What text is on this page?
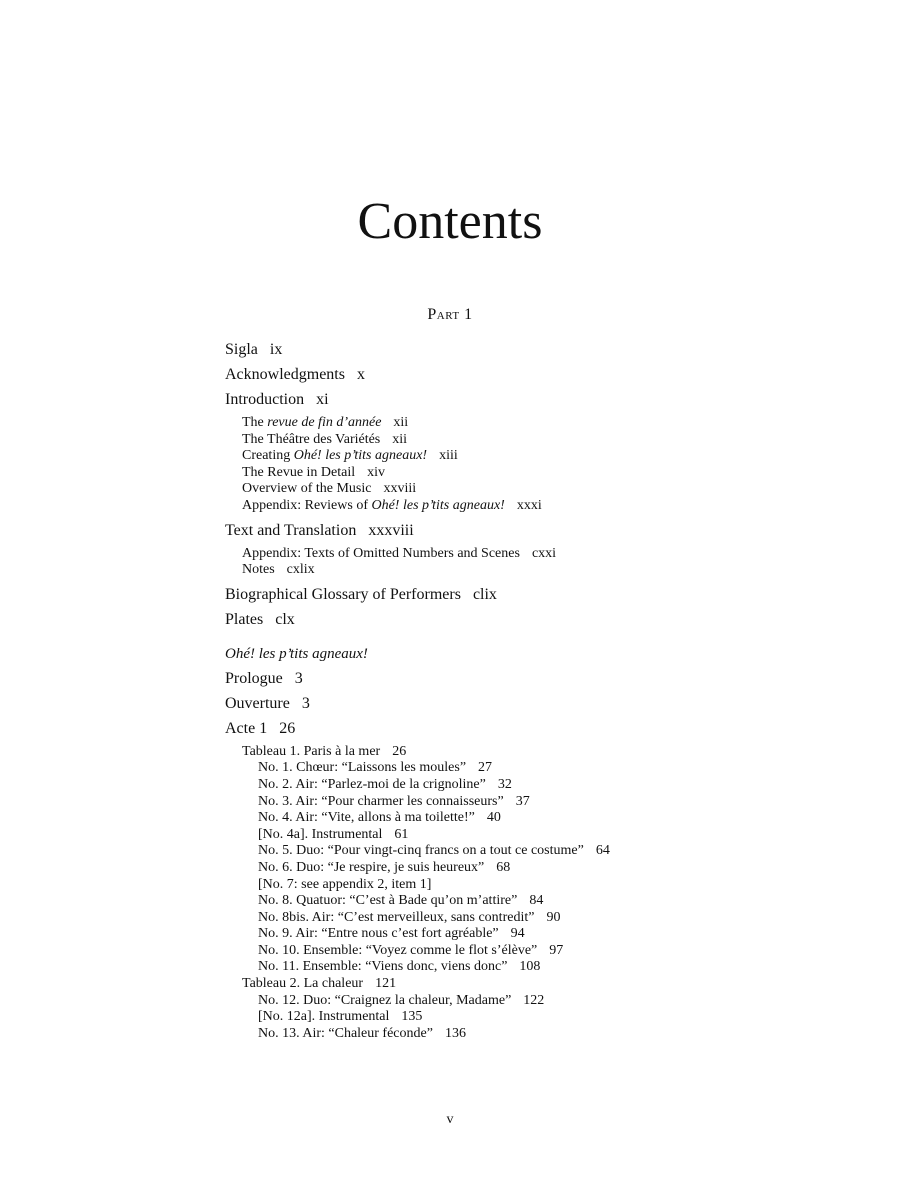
Contents
Part 1
Sigla ix
Acknowledgments x
Introduction xi
The revue de fin d’année xii
The Théâtre des Variétés xii
Creating Ohé! les p’tits agneaux! xiii
The Revue in Detail xiv
Overview of the Music xxviii
Appendix: Reviews of Ohé! les p’tits agneaux! xxxi
Text and Translation xxxviii
Appendix: Texts of Omitted Numbers and Scenes cxxi
Notes cxlix
Biographical Glossary of Performers clix
Plates clx
Ohé! les p’tits agneaux!
Prologue 3
Ouverture 3
Acte 1 26
Tableau 1. Paris à la mer 26
No. 1. Chœur: “Laissons les moules” 27
No. 2. Air: “Parlez-moi de la crignoline” 32
No. 3. Air: “Pour charmer les connaisseurs” 37
No. 4. Air: “Vite, allons à ma toilette!” 40
[No. 4a]. Instrumental 61
No. 5. Duo: “Pour vingt-cinq francs on a tout ce costume” 64
No. 6. Duo: “Je respire, je suis heureux” 68
[No. 7: see appendix 2, item 1]
No. 8. Quatuor: “C’est à Bade qu’on m’attire” 84
No. 8bis. Air: “C’est merveilleux, sans contredit” 90
No. 9. Air: “Entre nous c’est fort agréable” 94
No. 10. Ensemble: “Voyez comme le flot s’élève” 97
No. 11. Ensemble: “Viens donc, viens donc” 108
Tableau 2. La chaleur 121
No. 12. Duo: “Craignez la chaleur, Madame” 122
[No. 12a]. Instrumental 135
No. 13. Air: “Chaleur féconde” 136
v
